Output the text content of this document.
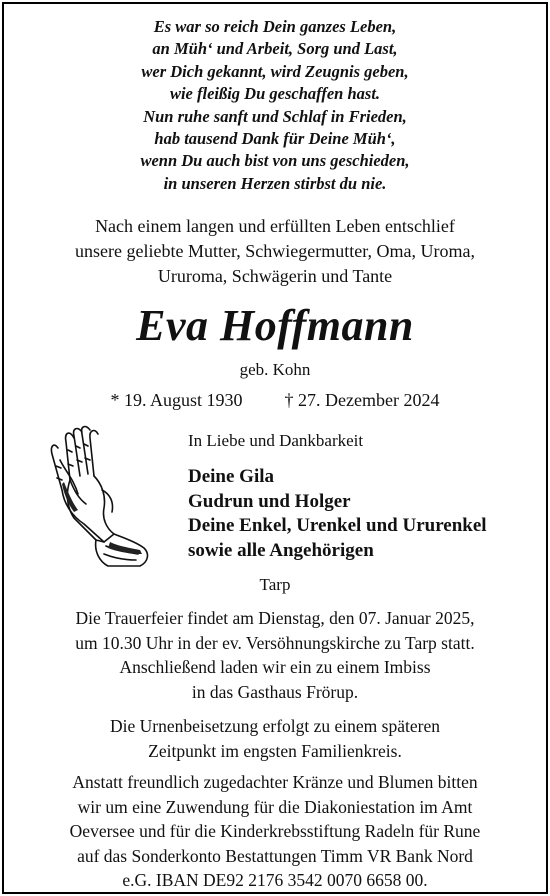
Es war so reich Dein ganzes Leben,
an Müh‘ und Arbeit, Sorg und Last,
wer Dich gekannt, wird Zeugnis geben,
wie fleißig Du geschaffen hast.
Nun ruhe sanft und Schlaf in Frieden,
hab tausend Dank für Deine Müh‘,
wenn Du auch bist von uns geschieden,
in unseren Herzen stirbst du nie.
Nach einem langen und erfüllten Leben entschlief
unsere geliebte Mutter, Schwiegermutter, Oma, Uroma,
Ururoma, Schwägerin und Tante
Eva Hoffmann
geb. Kohn
* 19. August 1930 † 27. Dezember 2024
In Liebe und Dankbarkeit
Deine Gila
Gudrun und Holger
Deine Enkel, Urenkel und Ururenkel
sowie alle Angehörigen
Tarp
Die Trauerfeier findet am Dienstag, den 07. Januar 2025,
um 10.30 Uhr in der ev. Versöhnungskirche zu Tarp statt.
Anschließend laden wir ein zu einem Imbiss
in das Gasthaus Frörup.
Die Urnenbeisetzung erfolgt zu einem späteren
Zeitpunkt im engsten Familienkreis.
Anstatt freundlich zugedachter Kränze und Blumen bitten
wir um eine Zuwendung für die Diakoniestation im Amt
Oeversee und für die Kinderkrebsstiftung Radeln für Rune
auf das Sonderkonto Bestattungen Timm VR Bank Nord
e.G. IBAN DE92 2176 3542 0070 6658 00.
